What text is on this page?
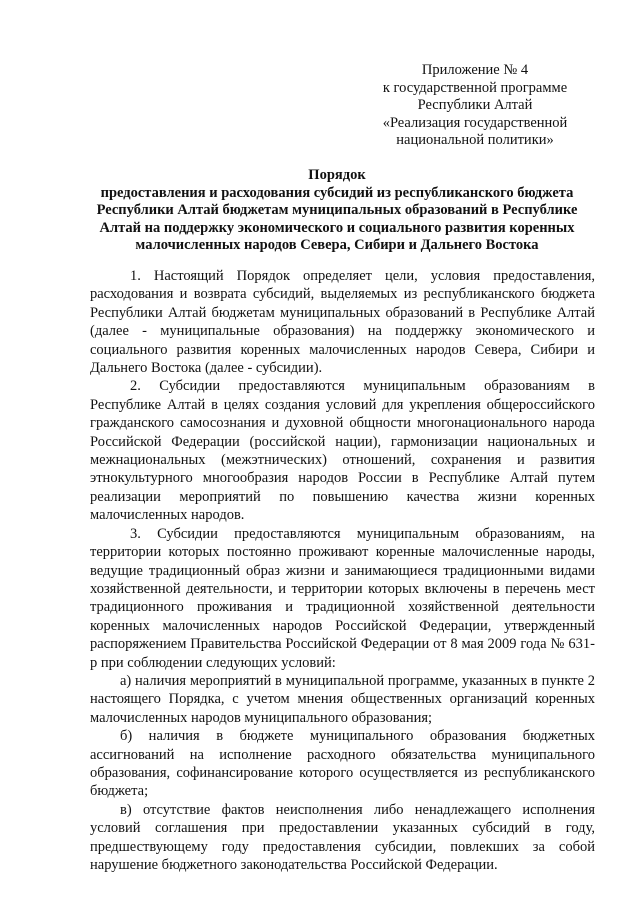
Приложение № 4
к государственной программе
Республики Алтай
«Реализация государственной
национальной политики»
Порядок
предоставления и расходования субсидий из республиканского бюджета
Республики Алтай бюджетам муниципальных образований в Республике
Алтай на поддержку экономического и социального развития коренных
малочисленных народов Севера, Сибири и Дальнего Востока

1. Настоящий Порядок определяет цели, условия предоставления, расходования и возврата субсидий, выделяемых из республиканского бюджета Республики Алтай бюджетам муниципальных образований в Республике Алтай (далее - муниципальные образования) на поддержку экономического и социального развития коренных малочисленных народов Севера, Сибири и Дальнего Востока (далее - субсидии).

2. Субсидии предоставляются муниципальным образованиям в Республике Алтай в целях создания условий для укрепления общероссийского гражданского самосознания и духовной общности многонационального народа Российской Федерации (российской нации), гармонизации национальных и межнациональных (межэтнических) отношений, сохранения и развития этнокультурного многообразия народов России в Республике Алтай путем реализации мероприятий по повышению качества жизни коренных малочисленных народов.

3. Субсидии предоставляются муниципальным образованиям, на территории которых постоянно проживают коренные малочисленные народы, ведущие традиционный образ жизни и занимающиеся традиционными видами хозяйственной деятельности, и территории которых включены в перечень мест традиционного проживания и традиционной хозяйственной деятельности коренных малочисленных народов Российской Федерации, утвержденный распоряжением Правительства Российской Федерации от 8 мая 2009 года № 631-р при соблюдении следующих условий:

а) наличия мероприятий в муниципальной программе, указанных в пункте 2 настоящего Порядка, с учетом мнения общественных организаций коренных малочисленных народов муниципального образования;

б) наличия в бюджете муниципального образования бюджетных ассигнований на исполнение расходного обязательства муниципального образования, софинансирование которого осуществляется из республиканского бюджета;

в) отсутствие фактов неисполнения либо ненадлежащего исполнения условий соглашения при предоставлении указанных субсидий в году, предшествующему году предоставления субсидии, повлекших за собой нарушение бюджетного законодательства Российской Федерации.
